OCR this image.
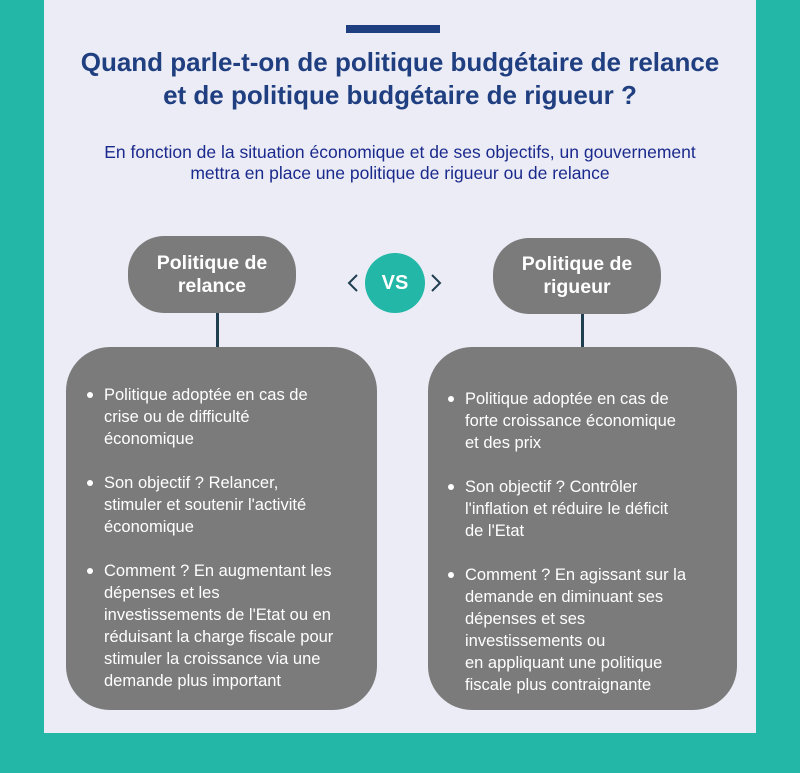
Quand parle-t-on de politique budgétaire de relance
et de politique budgétaire de rigueur ?

En fonction de la situation économique et de ses objectifs, un gouvernement
mettra en place une politique de rigueur ou de relance

Politique de
relance	VS
Politique de
rigueur
Politique adoptée en cas de
crise ou de difficulté
économique
Son objectif ? Relancer,
stimuler et soutenir l'activité
économique
Comment ? En augmentant les
dépenses et les
investissements de l'Etat ou en
réduisant la charge fiscale pour
stimuler la croissance via une
demande plus important
Politique adoptée en cas de
forte croissance économique
et des prix
Son objectif ? Contrôler
l'inflation et réduire le déficit
de l'Etat
Comment ? En agissant sur la
demande en diminuant ses
dépenses et ses
investissements ou
en appliquant une politique
fiscale plus contraignante
